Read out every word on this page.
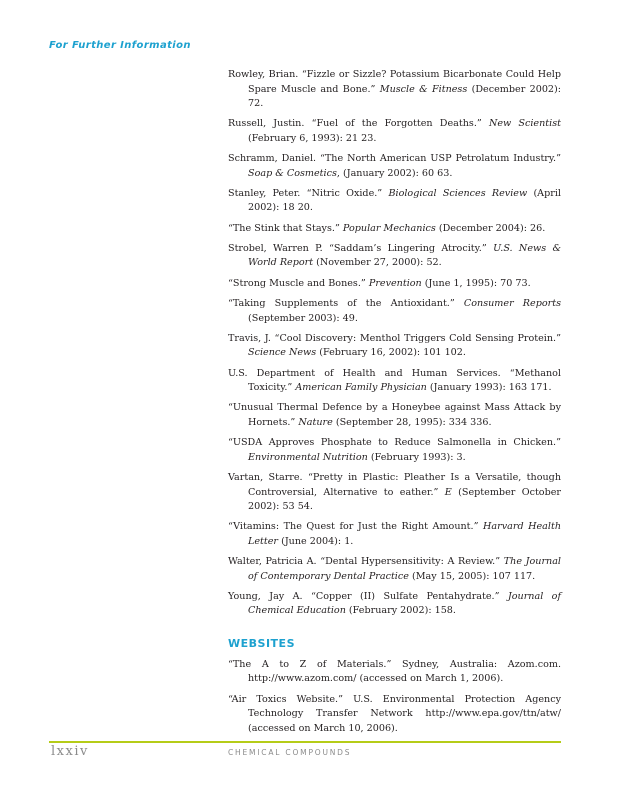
For Further Information

Rowley, Brian. “Fizzle or Sizzle? Potassium Bicarbonate Could Help Spare Muscle and Bone.” Muscle & Fitness (December 2002): 72.

Russell, Justin. “Fuel of the Forgotten Deaths.” New Scientist (February 6, 1993): 21 23.

Schramm, Daniel. “The North American USP Petrolatum Industry.” Soap & Cosmetics, (January 2002): 60 63.

Stanley, Peter. “Nitric Oxide.” Biological Sciences Review (April 2002): 18 20.

“The Stink that Stays.” Popular Mechanics (December 2004): 26.

Strobel, Warren P. “Saddam’s Lingering Atrocity.” U.S. News & World Report (November 27, 2000): 52.

“Strong Muscle and Bones.” Prevention (June 1, 1995): 70 73.

“Taking Supplements of the Antioxidant.” Consumer Reports (September 2003): 49.

Travis, J. “Cool Discovery: Menthol Triggers Cold Sensing Protein.” Science News (February 16, 2002): 101 102.

U.S. Department of Health and Human Services. “Methanol Toxicity.” American Family Physician (January 1993): 163 171.

“Unusual Thermal Defence by a Honeybee against Mass Attack by Hornets.” Nature (September 28, 1995): 334 336.

“USDA Approves Phosphate to Reduce Salmonella in Chicken.” Environmental Nutrition (February 1993): 3.

Vartan, Starre. “Pretty in Plastic: Pleather Is a Versatile, though Controversial, Alternative to eather.” E (September October 2002): 53 54.

“Vitamins: The Quest for Just the Right Amount.” Harvard Health Letter (June 2004): 1.

Walter, Patricia A. “Dental Hypersensitivity: A Review.” The Journal of Contemporary Dental Practice (May 15, 2005): 107 117.

Young, Jay A. “Copper (II) Sulfate Pentahydrate.” Journal of Chemical Education (February 2002): 158.

WEBSITES

“The A to Z of Materials.” Sydney, Australia: Azom.com. http://www.azom.com/ (accessed on March 1, 2006).

“Air Toxics Website.” U.S. Environmental Protection Agency Technology Transfer Network http://www.epa.gov/ttn/atw/ (accessed on March 10, 2006).

lxxiv	CHEMICAL COMPOUNDS
